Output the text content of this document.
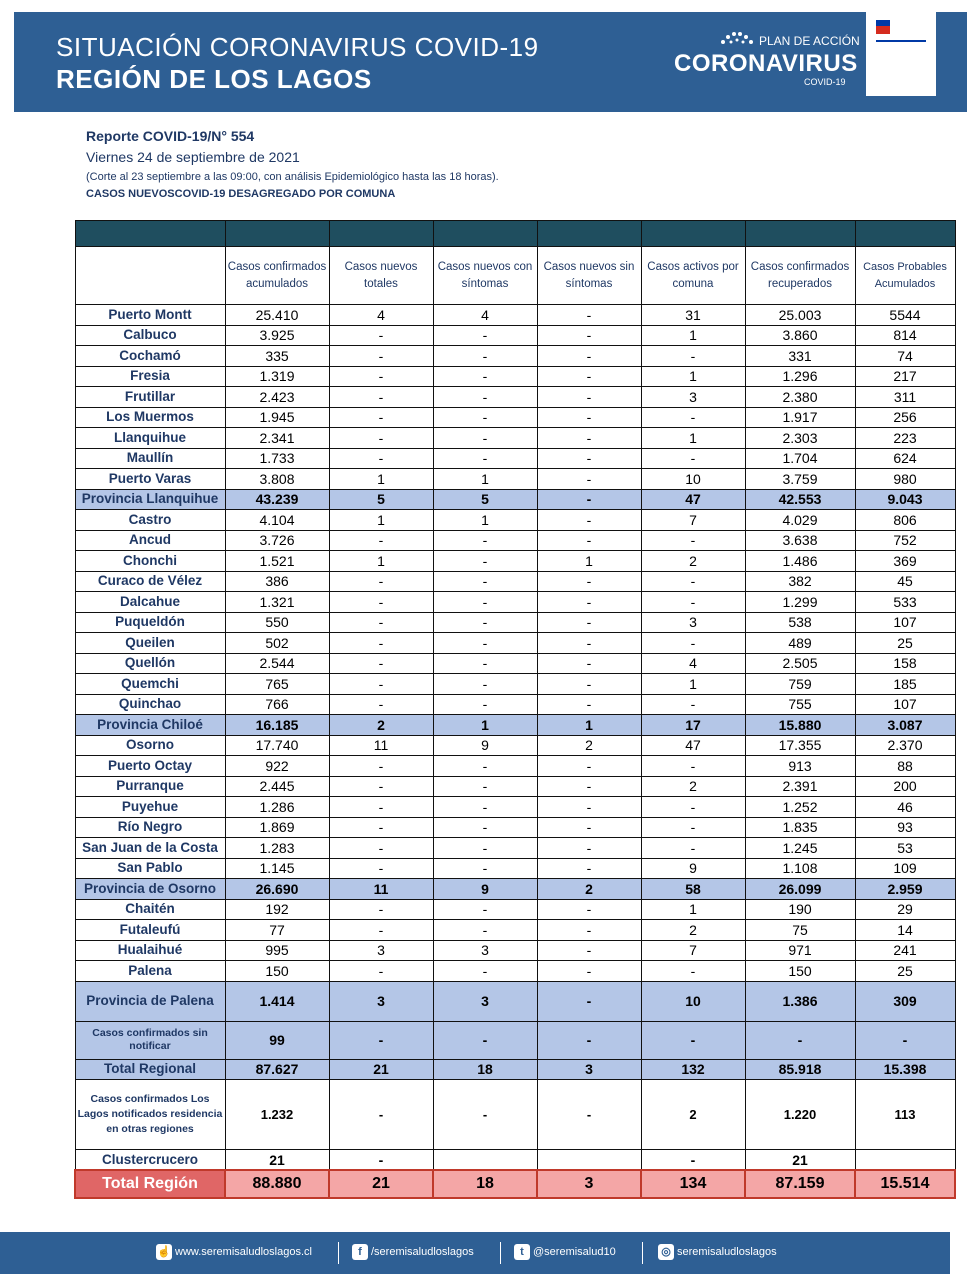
SITUACIÓN CORONAVIRUS COVID-19
REGIÓN DE LOS LAGOS
PLAN DE ACCIÓN
CORONAVIRUS
COVID-19
Reporte COVID-19/N° 554
Viernes 24 de septiembre de 2021
(Corte al 23 septiembre a las 09:00, con análisis Epidemiológico hasta las 18 horas).
CASOS NUEVOSCOVID-19 DESAGREGADO POR COMUNA

	Casos confirmados acumulados	Casos nuevos totales	Casos nuevos con síntomas	Casos nuevos sin síntomas	Casos activos por comuna	Casos confirmados recuperados	Casos Probables Acumulados
Puerto Montt	25.410	4	4	-	31	25.003	5544
Calbuco	3.925	-	-	-	1	3.860	814
Cochamó	335	-	-	-	-	331	74
Fresia	1.319	-	-	-	1	1.296	217
Frutillar	2.423	-	-	-	3	2.380	311
Los Muermos	1.945	-	-	-	-	1.917	256
Llanquihue	2.341	-	-	-	1	2.303	223
Maullín	1.733	-	-	-	-	1.704	624
Puerto Varas	3.808	1	1	-	10	3.759	980
Provincia Llanquihue	43.239	5	5	-	47	42.553	9.043
Castro	4.104	1	1	-	7	4.029	806
Ancud	3.726	-	-	-	-	3.638	752
Chonchi	1.521	1	-	1	2	1.486	369
Curaco de Vélez	386	-	-	-	-	382	45
Dalcahue	1.321	-	-	-	-	1.299	533
Puqueldón	550	-	-	-	3	538	107
Queilen	502	-	-	-	-	489	25
Quellón	2.544	-	-	-	4	2.505	158
Quemchi	765	-	-	-	1	759	185
Quinchao	766	-	-	-	-	755	107
Provincia Chiloé	16.185	2	1	1	17	15.880	3.087
Osorno	17.740	11	9	2	47	17.355	2.370
Puerto Octay	922	-	-	-	-	913	88
Purranque	2.445	-	-	-	2	2.391	200
Puyehue	1.286	-	-	-	-	1.252	46
Río Negro	1.869	-	-	-	-	1.835	93
San Juan de la Costa	1.283	-	-	-	-	1.245	53
San Pablo	1.145	-	-	-	9	1.108	109
Provincia de Osorno	26.690	11	9	2	58	26.099	2.959
Chaitén	192	-	-	-	1	190	29
Futaleufú	77	-	-	-	2	75	14
Hualaihué	995	3	3	-	7	971	241
Palena	150	-	-	-	-	150	25
Provincia de Palena	1.414	3	3	-	10	1.386	309
Casos confirmados sin notificar	99	-	-	-	-	-	-
Total Regional	87.627	21	18	3	132	85.918	15.398
Casos confirmados Los Lagos notificados residencia en otras regiones	1.232	-	-	-	2	1.220	113
Clustercrucero	21	-			-	21	
Total Región	88.880	21	18	3	134	87.159	15.514
☝ www.seremisaludloslagos.cl	f /seremisaludloslagos	t @seremisalud10	◎ seremisaludloslagos
